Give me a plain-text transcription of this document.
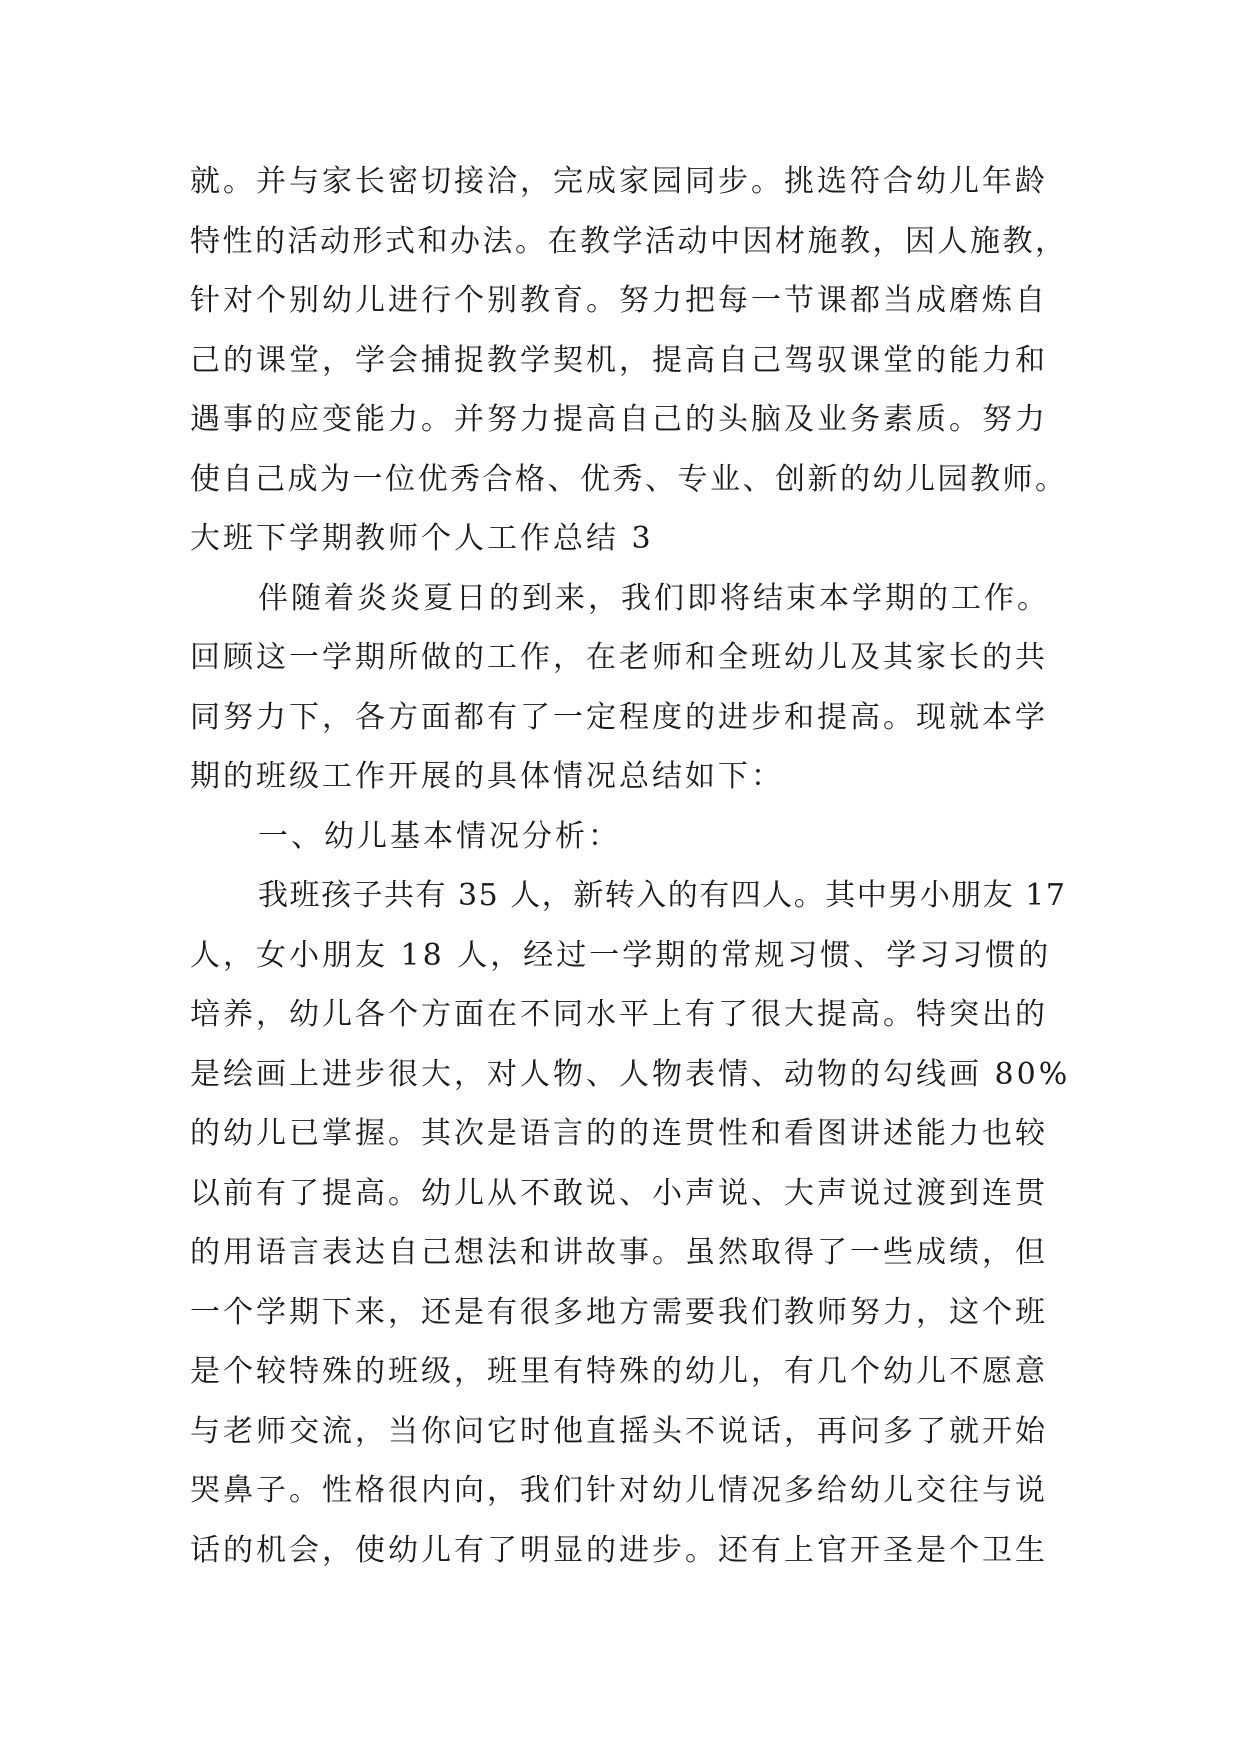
就。并与家长密切接洽，完成家园同步。挑选符合幼儿年龄
特性的活动形式和办法。在教学活动中因材施教，因人施教，
针对个别幼儿进行个别教育。努力把每一节课都当成磨炼自
己的课堂，学会捕捉教学契机，提高自己驾驭课堂的能力和
遇事的应变能力。并努力提高自己的头脑及业务素质。努力
使自己成为一位优秀合格、优秀、专业、创新的幼儿园教师。
大班下学期教师个人工作总结 3
伴随着炎炎夏日的到来，我们即将结束本学期的工作。
回顾这一学期所做的工作，在老师和全班幼儿及其家长的共
同努力下，各方面都有了一定程度的进步和提高。现就本学
期的班级工作开展的具体情况总结如下：
一、幼儿基本情况分析：
我班孩子共有 35 人，新转入的有四人。其中男小朋友 17
人，女小朋友 18 人，经过一学期的常规习惯、学习习惯的
培养，幼儿各个方面在不同水平上有了很大提高。特突出的
是绘画上进步很大，对人物、人物表情、动物的勾线画 80%
的幼儿已掌握。其次是语言的的连贯性和看图讲述能力也较
以前有了提高。幼儿从不敢说、小声说、大声说过渡到连贯
的用语言表达自己想法和讲故事。虽然取得了一些成绩，但
一个学期下来，还是有很多地方需要我们教师努力，这个班
是个较特殊的班级，班里有特殊的幼儿，有几个幼儿不愿意
与老师交流，当你问它时他直摇头不说话，再问多了就开始
哭鼻子。性格很内向，我们针对幼儿情况多给幼儿交往与说
话的机会，使幼儿有了明显的进步。还有上官开圣是个卫生
